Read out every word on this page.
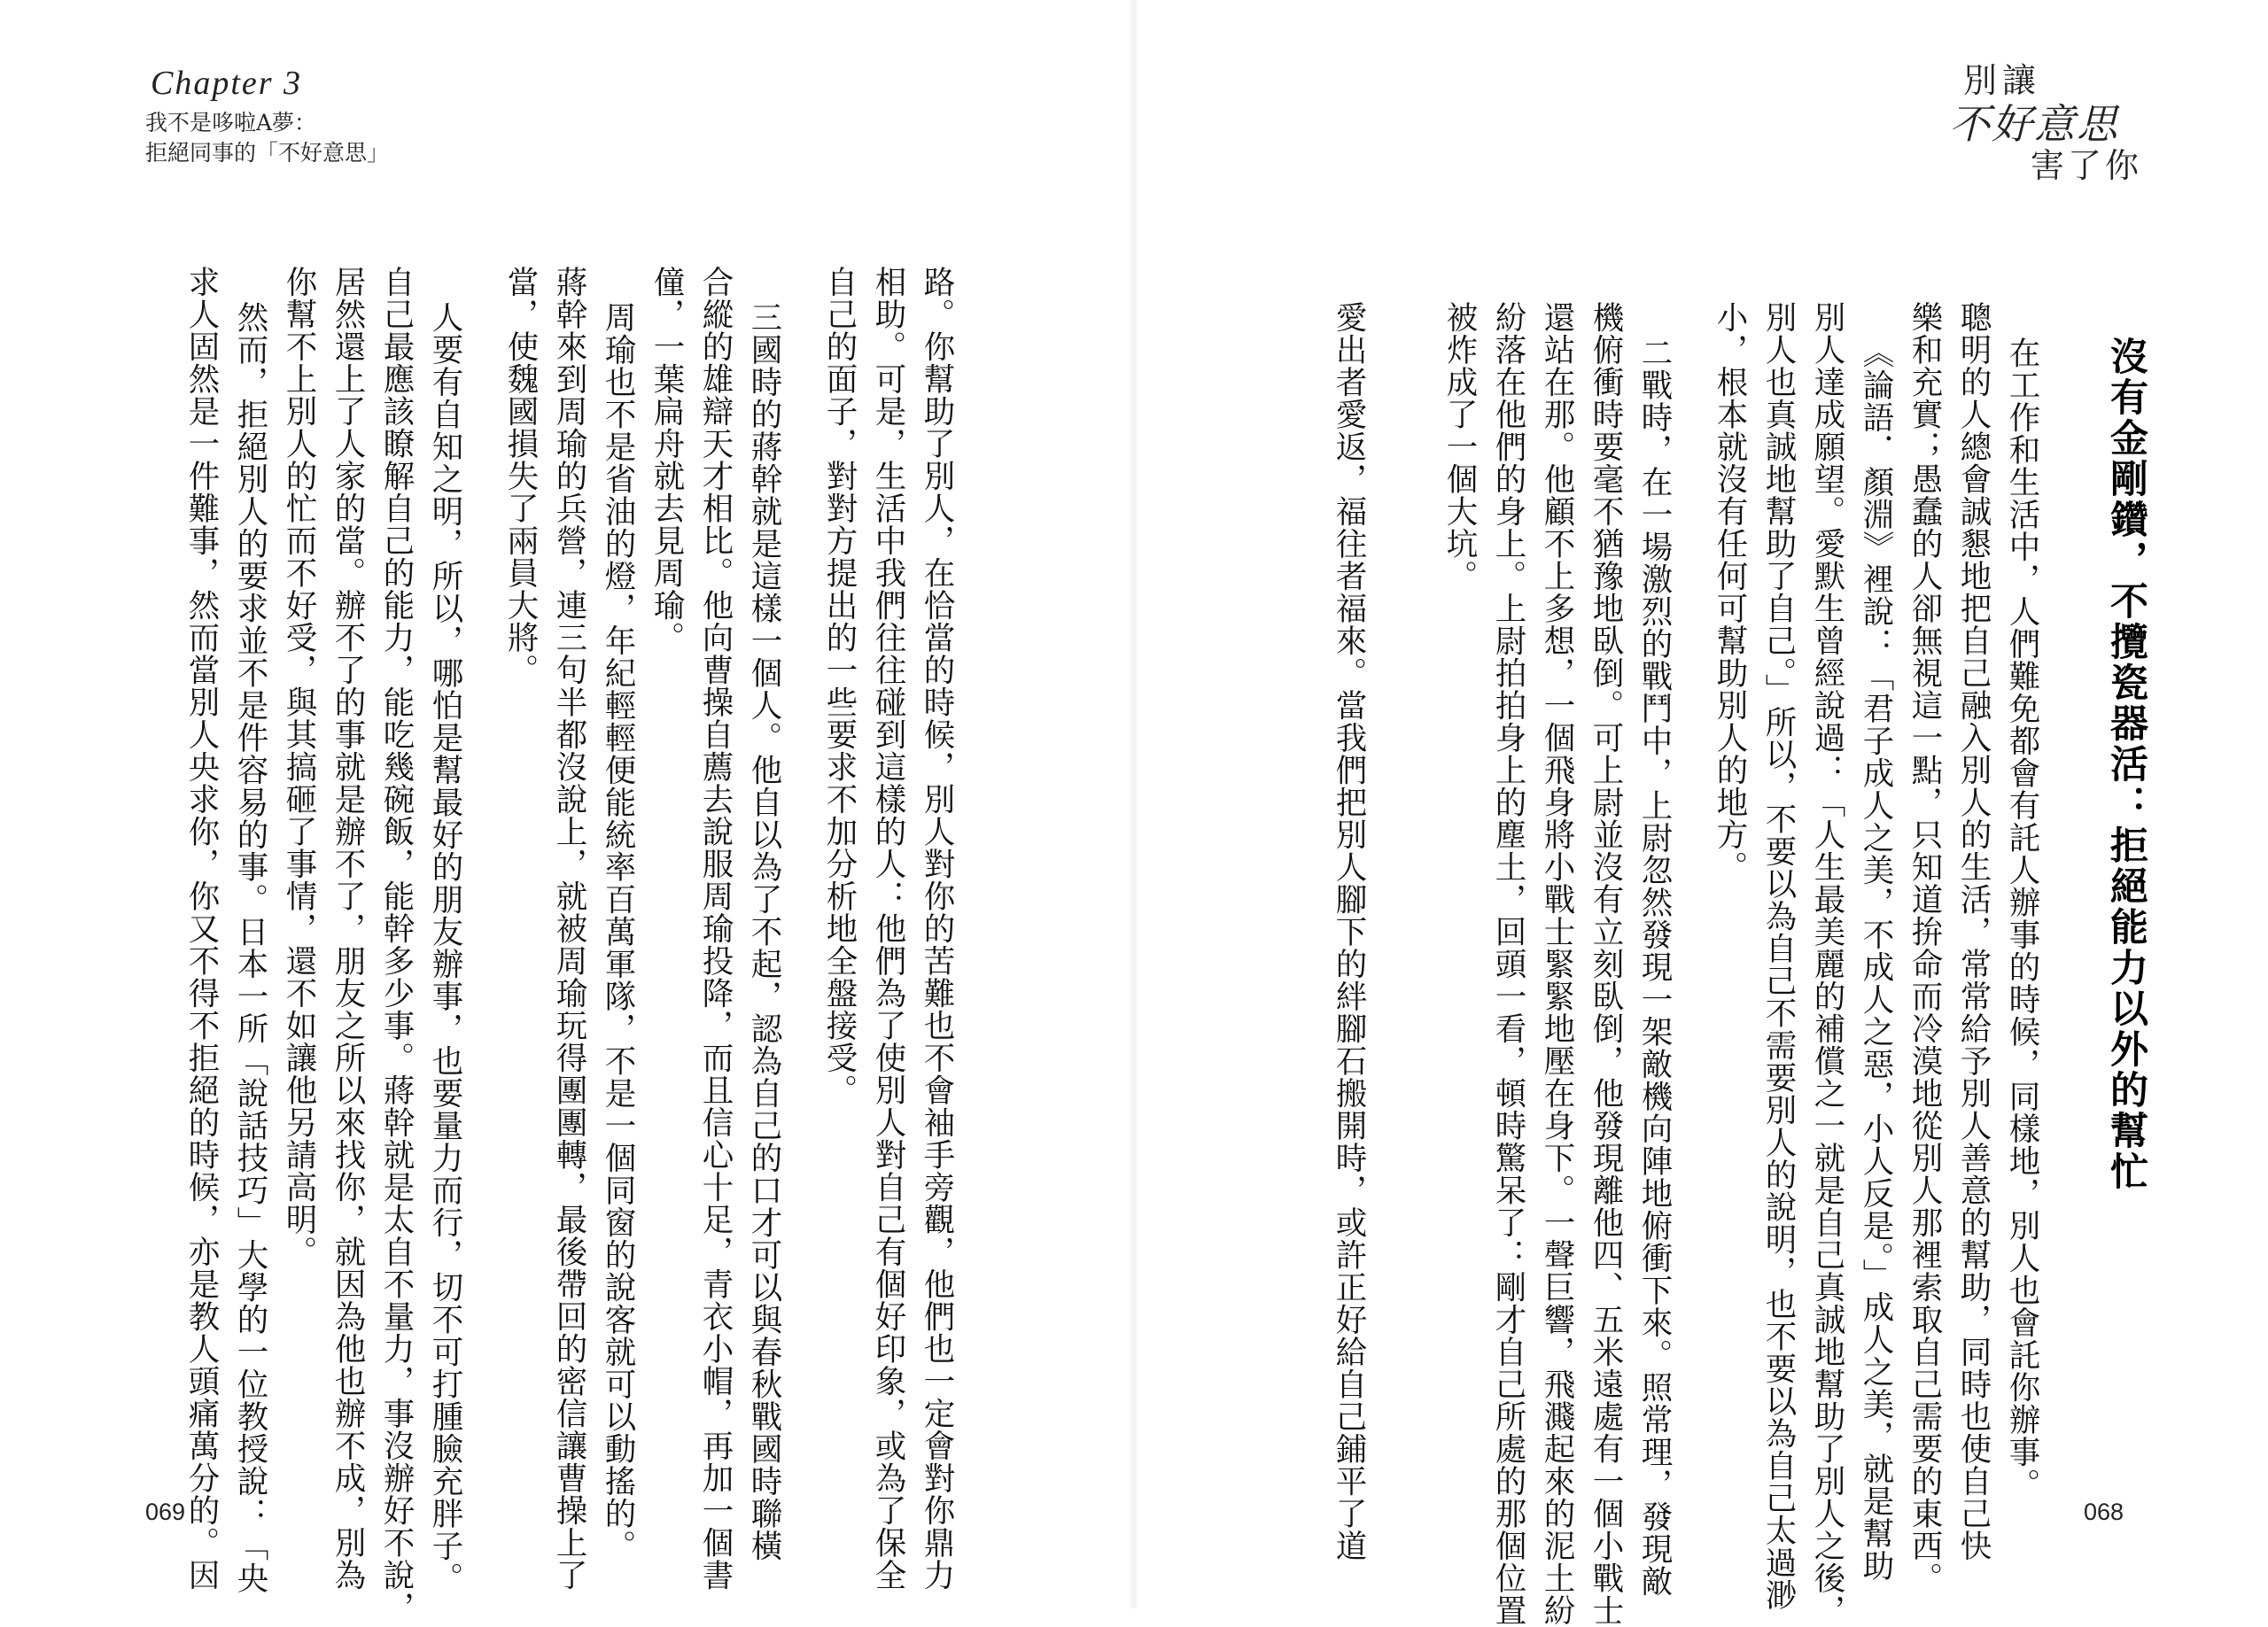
Chapter 3
我不是哆啦A夢：
拒絕同事的「不好意思」
路。你幫助了別人，在恰當的時候，別人對你的苦難也不會袖手旁觀，他們也一定會對你鼎力
相助。可是，生活中我們往往碰到這樣的人：他們為了使別人對自己有個好印象，或為了保全
自己的面子，對對方提出的一些要求不加分析地全盤接受。
三國時的蔣幹就是這樣一個人。他自以為了不起，認為自己的口才可以與春秋戰國時聯橫
合縱的雄辯天才相比。他向曹操自薦去說服周瑜投降，而且信心十足，青衣小帽，再加一個書
僮，一葉扁舟就去見周瑜。
周瑜也不是省油的燈，年紀輕輕便能統率百萬軍隊，不是一個同窗的說客就可以動搖的。
蔣幹來到周瑜的兵營，連三句半都沒說上，就被周瑜玩得團團轉，最後帶回的密信讓曹操上了
當，使魏國損失了兩員大將。
人要有自知之明，所以，哪怕是幫最好的朋友辦事，也要量力而行，切不可打腫臉充胖子。
自己最應該瞭解自己的能力，能吃幾碗飯，能幹多少事。蔣幹就是太自不量力，事沒辦好不說，
居然還上了人家的當。辦不了的事就是辦不了，朋友之所以來找你，就因為他也辦不成，別為
你幫不上別人的忙而不好受，與其搞砸了事情，還不如讓他另請高明。
然而，拒絕別人的要求並不是件容易的事。日本一所「說話技巧」大學的一位教授說：「央
求人固然是一件難事，然而當別人央求你，你又不得不拒絕的時候，亦是教人頭痛萬分的。因
069
別讓
不好意思
害了你
沒有金剛鑽，不攬瓷器活：拒絕能力以外的幫忙
在工作和生活中，人們難免都會有託人辦事的時候，同樣地，別人也會託你辦事。
聰明的人總會誠懇地把自己融入別人的生活，常常給予別人善意的幫助，同時也使自己快
樂和充實；愚蠢的人卻無視這一點，只知道拚命而冷漠地從別人那裡索取自己需要的東西。
《論語．顏淵》裡說：「君子成人之美，不成人之惡，小人反是。」成人之美，就是幫助
別人達成願望。愛默生曾經說過：「人生最美麗的補償之一就是自己真誠地幫助了別人之後，
別人也真誠地幫助了自己。」所以，不要以為自己不需要別人的說明，也不要以為自己太過渺
小，根本就沒有任何可幫助別人的地方。
二戰時，在一場激烈的戰鬥中，上尉忽然發現一架敵機向陣地俯衝下來。照常理，發現敵
機俯衝時要毫不猶豫地臥倒。可上尉並沒有立刻臥倒，他發現離他四、五米遠處有一個小戰士
還站在那。他顧不上多想，一個飛身將小戰士緊緊地壓在身下。一聲巨響，飛濺起來的泥土紛
紛落在他們的身上。上尉拍拍身上的塵土，回頭一看，頓時驚呆了：剛才自己所處的那個位置
被炸成了一個大坑。
愛出者愛返，福往者福來。當我們把別人腳下的絆腳石搬開時，或許正好給自己鋪平了道	068
